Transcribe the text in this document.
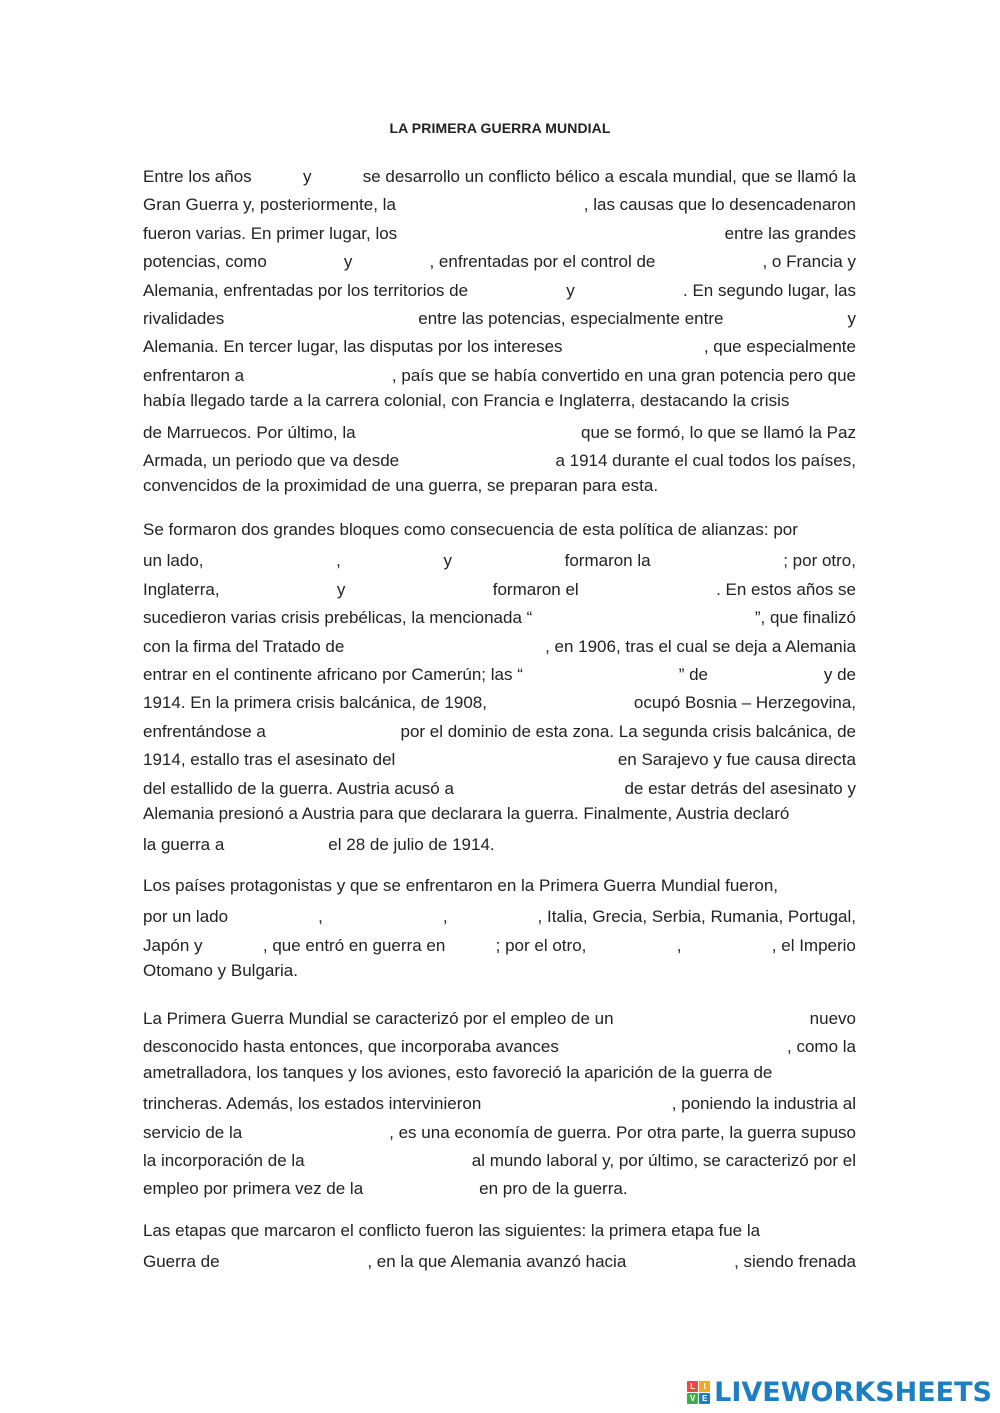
LA PRIMERA GUERRA MUNDIAL
Entre los años	y	se desarrollo un conflicto bélico a escala mundial, que se llamó la
Gran Guerra y, posteriormente, la	, las causas que lo desencadenaron
fueron varias. En primer lugar, los	entre las grandes
potencias, como	y	, enfrentadas por el control de	, o Francia y
Alemania, enfrentadas por los territorios de	y	. En segundo lugar, las
rivalidades	entre las potencias, especialmente entre	y
Alemania. En tercer lugar, las disputas por los intereses	, que especialmente
enfrentaron a	, país que se había convertido en una gran potencia pero que
había llegado tarde a la carrera colonial, con Francia e Inglaterra, destacando la crisis
de Marruecos. Por último, la	que se formó, lo que se llamó la Paz
Armada, un periodo que va desde	a 1914 durante el cual todos los países,
convencidos de la proximidad de una guerra, se preparan para esta.
Se formaron dos grandes bloques como consecuencia de esta política de alianzas: por
un lado,	,	y	formaron la	; por otro,
Inglaterra,	y	formaron el	. En estos años se
sucedieron varias crisis prebélicas, la mencionada “	”, que finalizó
con la firma del Tratado de	, en 1906, tras el cual se deja a Alemania
entrar en el continente africano por Camerún; las “	” de	y de
1914. En la primera crisis balcánica, de 1908,	ocupó Bosnia – Herzegovina,
enfrentándose a	por el dominio de esta zona. La segunda crisis balcánica, de
1914, estallo tras el asesinato del	en Sarajevo y fue causa directa
del estallido de la guerra. Austria acusó a	de estar detrás del asesinato y
Alemania presionó a Austria para que declarara la guerra. Finalmente, Austria declaró
la guerra a	el 28 de julio de 1914.
Los países protagonistas y que se enfrentaron en la Primera Guerra Mundial fueron,
por un lado	,	,	, Italia, Grecia, Serbia, Rumania, Portugal,
Japón y	, que entró en guerra en	; por el otro,	,	, el Imperio
Otomano y Bulgaria.
La Primera Guerra Mundial se caracterizó por el empleo de un	nuevo
desconocido hasta entonces, que incorporaba avances	, como la
ametralladora, los tanques y los aviones, esto favoreció la aparición de la guerra de
trincheras. Además, los estados intervinieron	, poniendo la industria al
servicio de la	, es una economía de guerra. Por otra parte, la guerra supuso
la incorporación de la	al mundo laboral y, por último, se caracterizó por el
empleo por primera vez de la	en pro de la guerra.
Las etapas que marcaron el conflicto fueron las siguientes: la primera etapa fue la
Guerra de	, en la que Alemania avanzó hacia	, siendo frenada
L	I
V E LIVEWORKSHEETS
